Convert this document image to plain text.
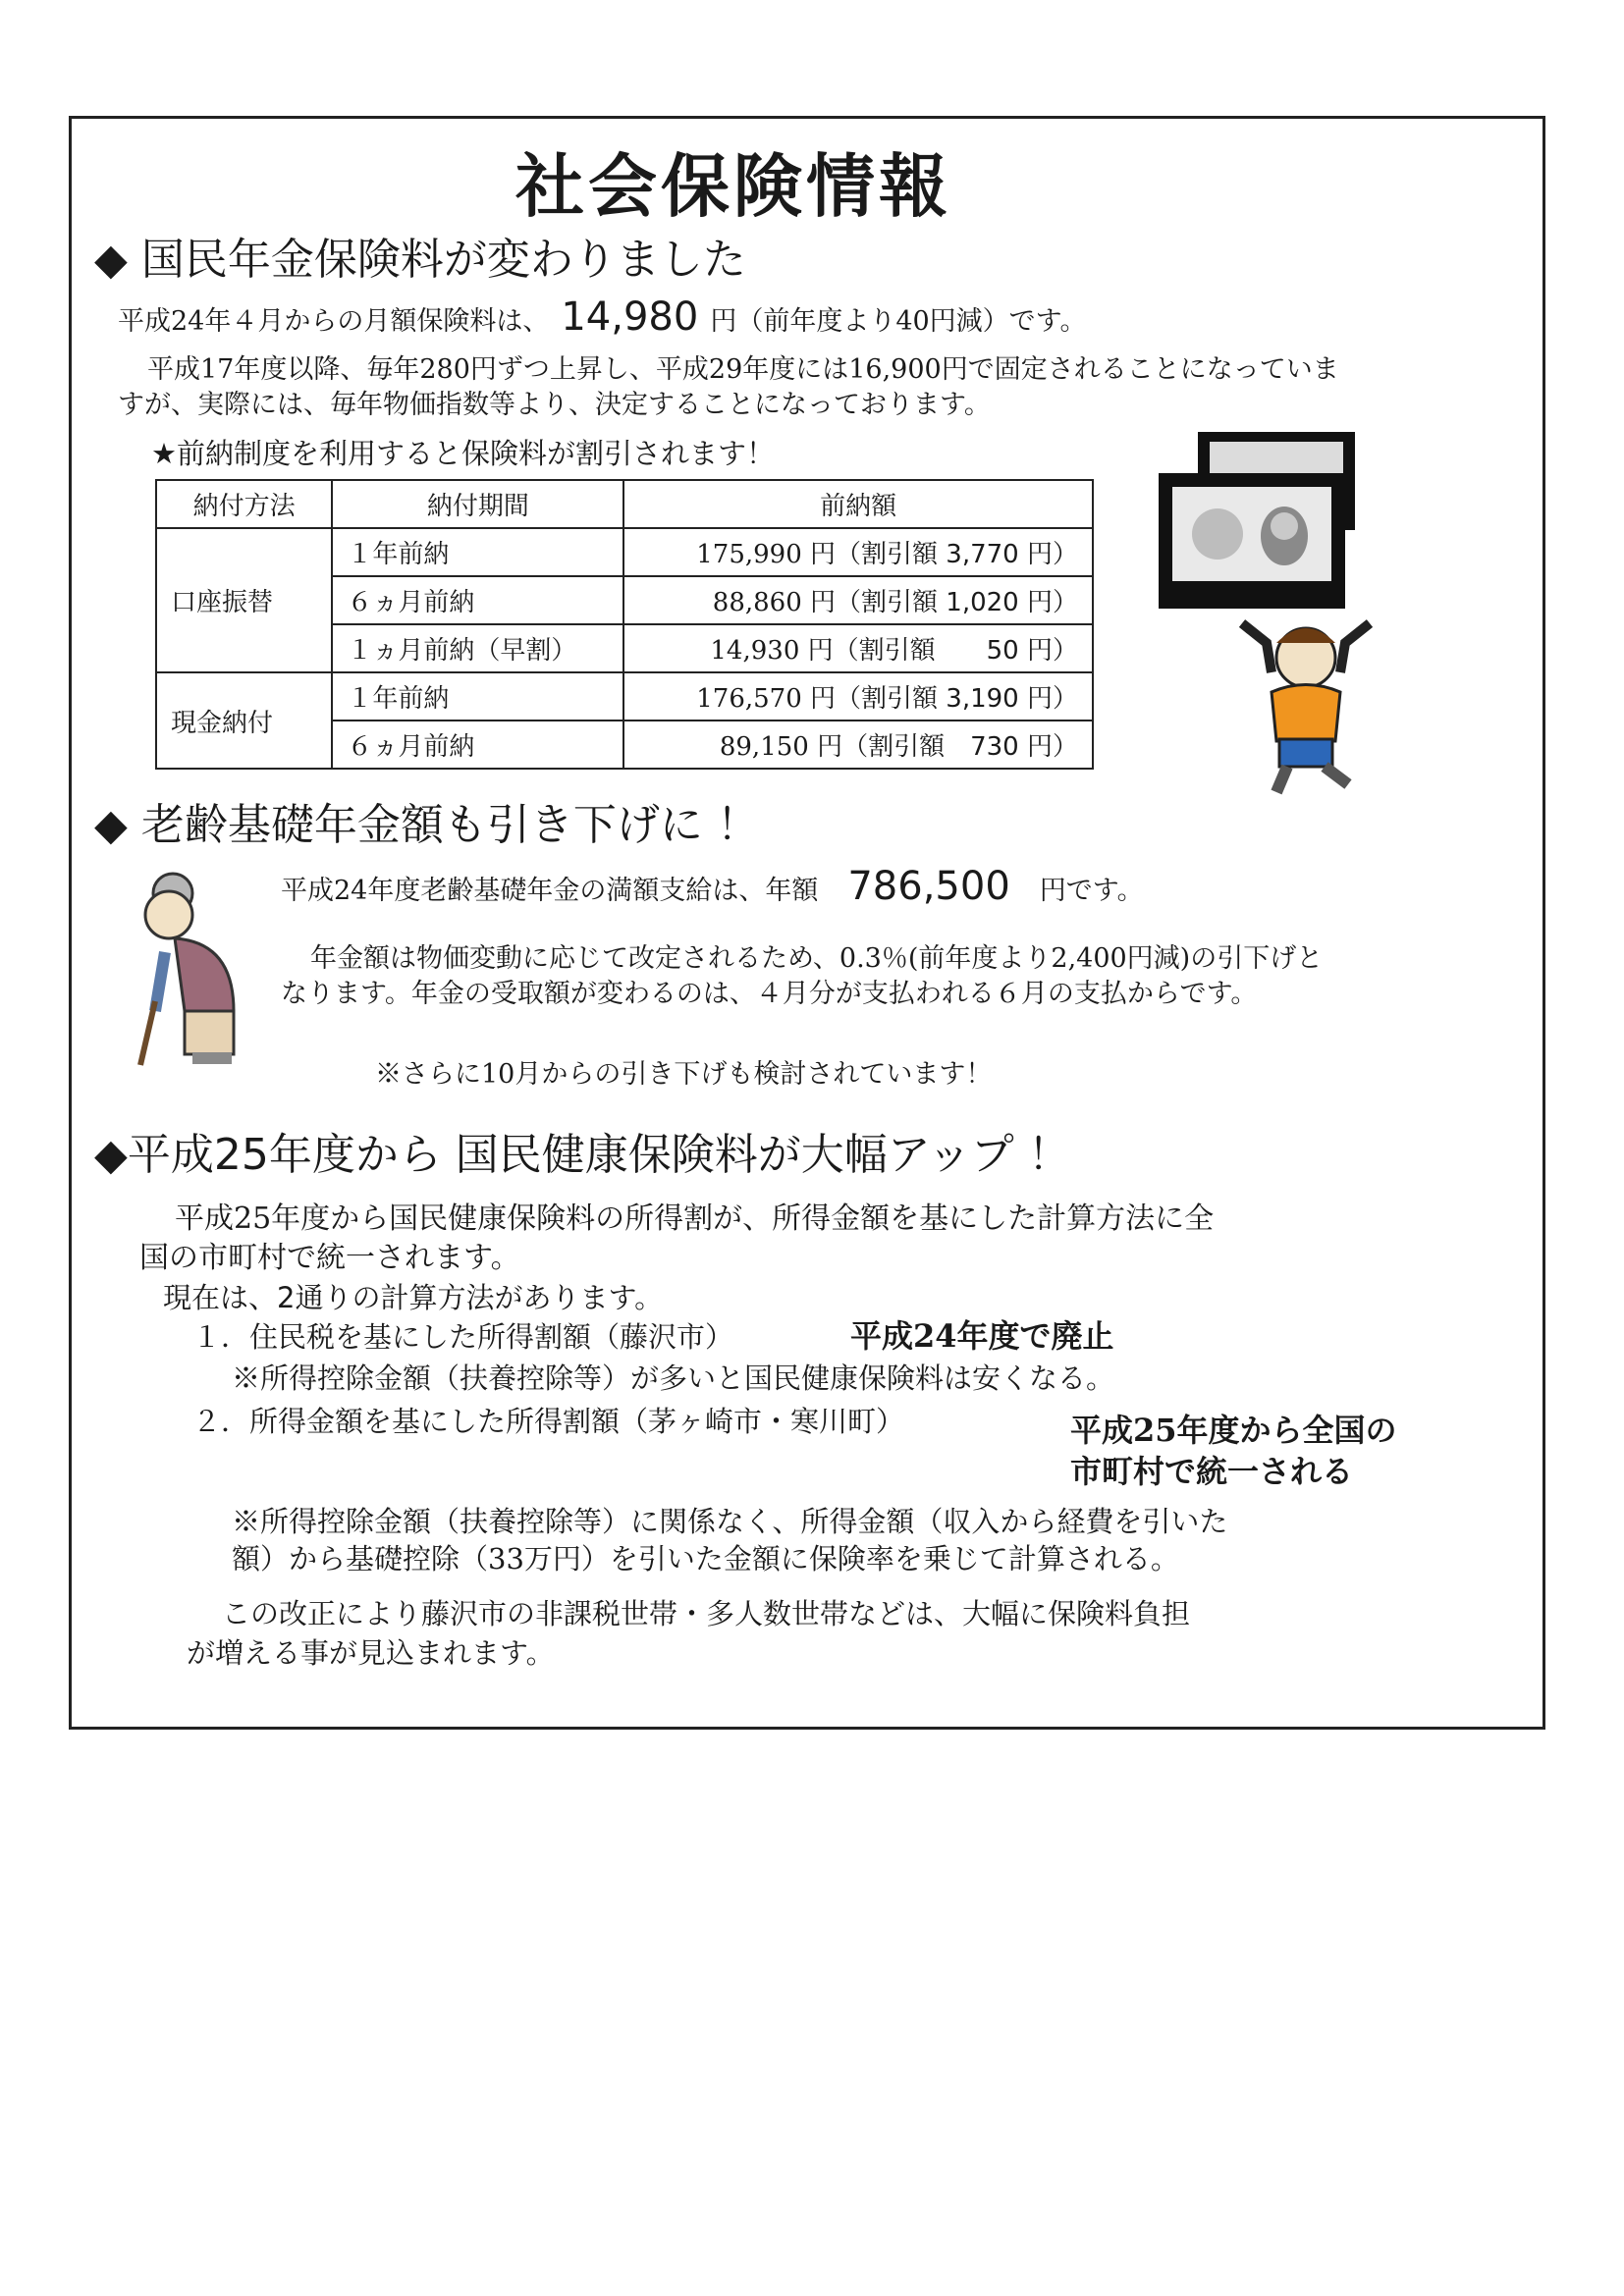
社会保険情報
◆ 国民年金保険料が変わりました
平成24年４月からの月額保険料は、 14,980 円（前年度より40円減）です。
平成17年度以降、毎年280円ずつ上昇し、平成29年度には16,900円で固定されることになっていま
すが、実際には、毎年物価指数等より、決定することになっております。
★前納制度を利用すると保険料が割引されます！
納付方法	納付期間	前納額
口座振替	１年前納	175,990 円（割引額 3,770 円）
	６ヵ月前納	88,860 円（割引額 1,020 円）
	１ヵ月前納（早割）	14,930 円（割引額　　50 円）
現金納付	１年前納	176,570 円（割引額 3,190 円）
	６ヵ月前納	89,150 円（割引額　730 円）
◆ 老齢基礎年金額も引き下げに ！
平成24年度老齢基礎年金の満額支給は、年額 786,500 円です。
年金額は物価変動に応じて改定されるため、0.3％(前年度より2,400円減)の引下げと
なります。年金の受取額が変わるのは、４月分が支払われる６月の支払からです。
※さらに10月からの引き下げも検討されています！
◆平成25年度から 国民健康保険料が大幅アップ ！
平成25年度から国民健康保険料の所得割が、所得金額を基にした計算方法に全
国の市町村で統一されます。
現在は、2通りの計算方法があります。
１．住民税を基にした所得割額（藤沢市）	平成24年度で廃止
※所得控除金額（扶養控除等）が多いと国民健康保険料は安くなる。
２．所得金額を基にした所得割額（茅ヶ崎市・寒川町）	平成25年度から全国の
市町村で統一される
※所得控除金額（扶養控除等）に関係なく、所得金額（収入から経費を引いた
額）から基礎控除（33万円）を引いた金額に保険率を乗じて計算される。
この改正により藤沢市の非課税世帯・多人数世帯などは、大幅に保険料負担
が増える事が見込まれます。
